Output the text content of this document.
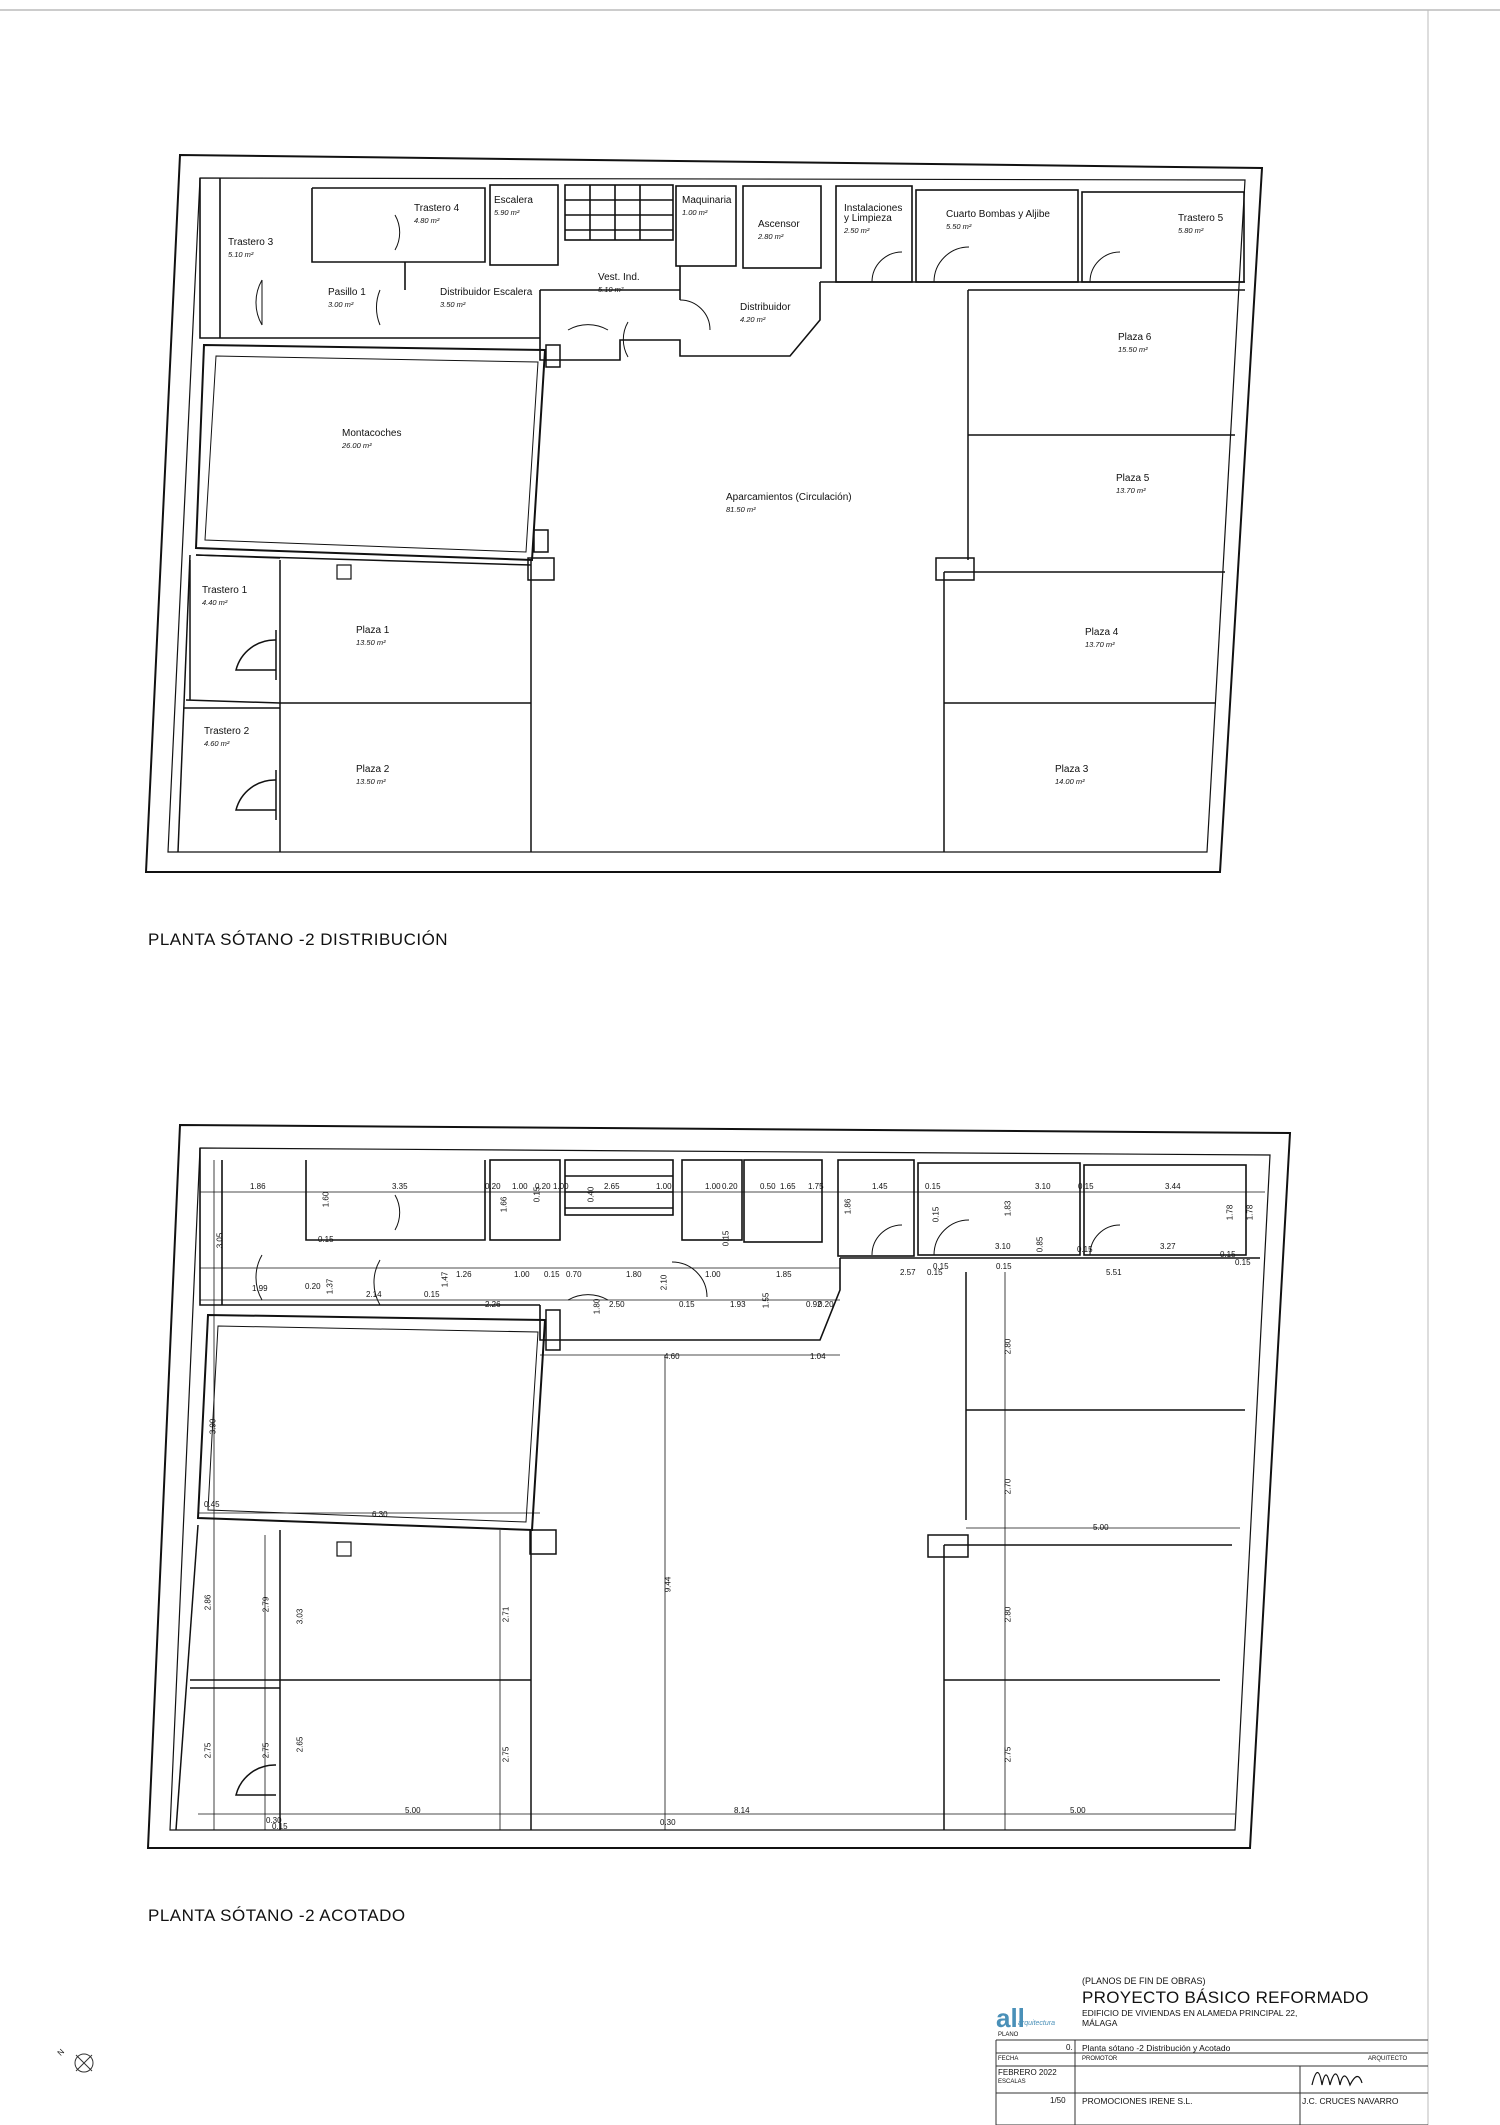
all
Trastero 3
5.10 m²
Trastero 4
4.80 m²
Escalera
5.90 m²
Maquinaria
1.00 m²
Ascensor
2.80 m²
Instalaciones
y Limpieza
2.50 m²
Cuarto Bombas y Aljibe
5.50 m²
Trastero 5
5.80 m²
Pasillo 1
3.00 m²
Distribuidor Escalera
3.50 m²
Vest. Ind.
5.10 m²
Distribuidor
4.20 m²
Plaza 6
15.50 m²
Montacoches
26.00 m²
Aparcamientos (Circulación)
81.50 m²
Plaza 5
13.70 m²
Trastero 1
4.40 m²
Plaza 1
13.50 m²
Plaza 4
13.70 m²
Trastero 2
4.60 m²
Plaza 2
13.50 m²
Plaza 3
14.00 m²
1.86
1.60
3.35	0.20 1.00 0.20	2.65	1.00	1.00 0.20	1.65
1.86
1.45	0.15
1.83
3.10	0.15	3.44
1.78 1.78
3.05	0.15
0.40
1.66
0.15
1.00
0.15
0.50	1.75
0.15
0.85
3.10	3.27
0.15
0.15
0.15
1.37	1.47 1.26	1.00 0.15 0.70	1.80
2.10
1.00	1.85	2.57 0.15
0.15
5.51
0.15
1.99	0.20
2.14	0.15
2.26	1.80 2.50	0.15	1.93 1.55	0.92
0.20
4.60	1.04
2.80
3.90
2.70
0.45
6.30
5.00
9.44
2.86	2.79
3.03	2.71	2.80
2.75	2.75	2.65
2.75	2.75
5.00
0.15
8.14	5.00
0.30	0.30
PLANTA SÓTANO -2 DISTRIBUCIÓN
PLANTA SÓTANO -2 ACOTADO
arquitectura
(PLANOS DE FIN DE OBRAS)
PROYECTO BÁSICO REFORMADO
EDIFICIO DE VIVIENDAS EN ALAMEDA PRINCIPAL 22,
MÁLAGA
PLANO
0. Planta sótano -2 Distribución y Acotado
FECHA
FEBRERO 2022
PROMOTOR
ESCALAS
1/50 PROMOCIONES IRENE S.L.
ARQUITECTO
J.C. CRUCES NAVARRO
N
